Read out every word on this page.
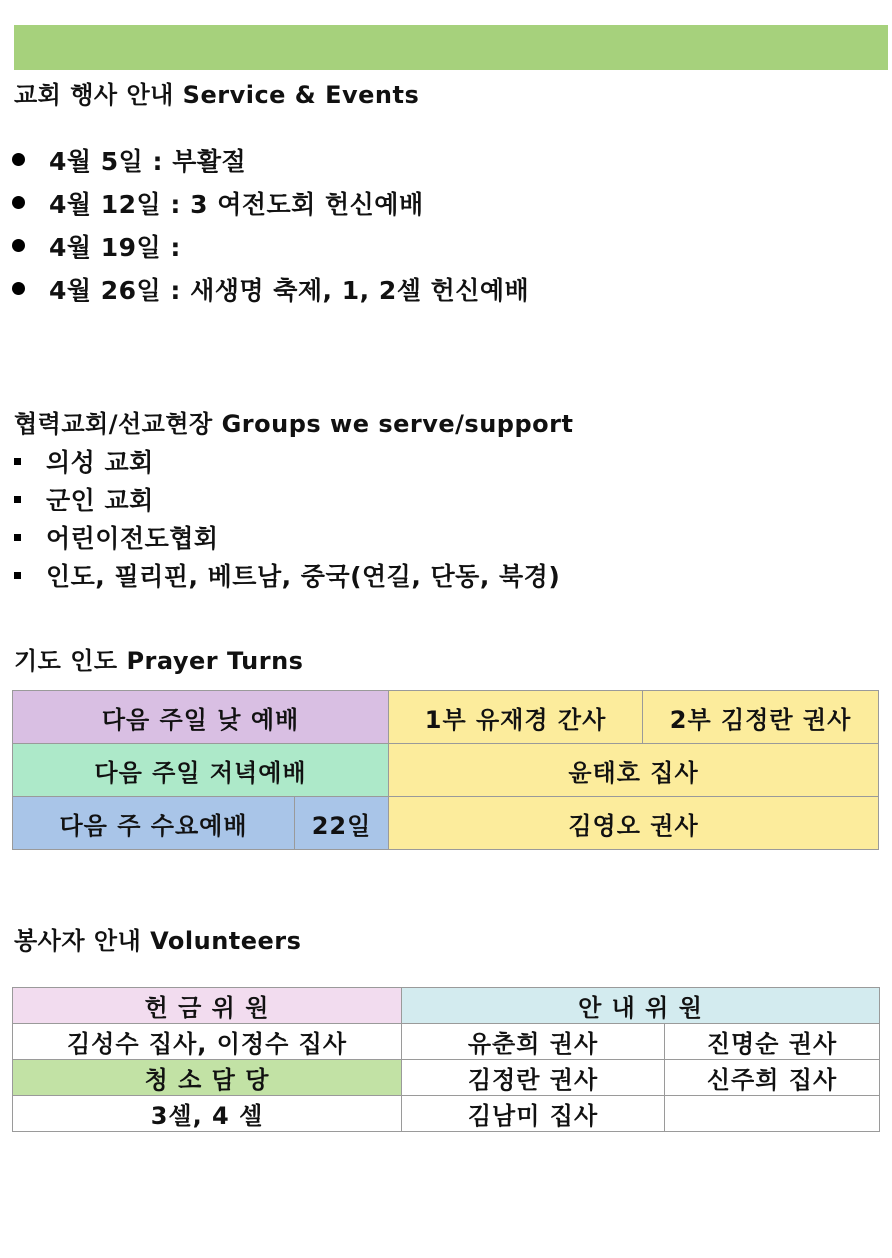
교회 행사 안내 Service & Events
4월 5일 : 부활절
4월 12일 : 3 여전도회 헌신예배
4월 19일 :
4월 26일 : 새생명 축제, 1, 2셀 헌신예배
협력교회/선교현장 Groups we serve/support
의성 교회
군인 교회
어린이전도협회
인도, 필리핀, 베트남, 중국(연길, 단동, 북경)
기도 인도 Prayer Turns
다음 주일 낮 예배		1부 유재경 간사	2부 김정란 권사
다음 주일 저녁예배		윤태호 집사	
다음 주 수요예배	22일	김영오 권사	
봉사자 안내 Volunteers
헌 금 위 원	안 내 위 원	
김성수 집사, 이정수 집사	유춘희 권사	진명순 권사
청 소 담 당	김정란 권사	신주희 집사
3셀, 4 셀	김남미 집사	
